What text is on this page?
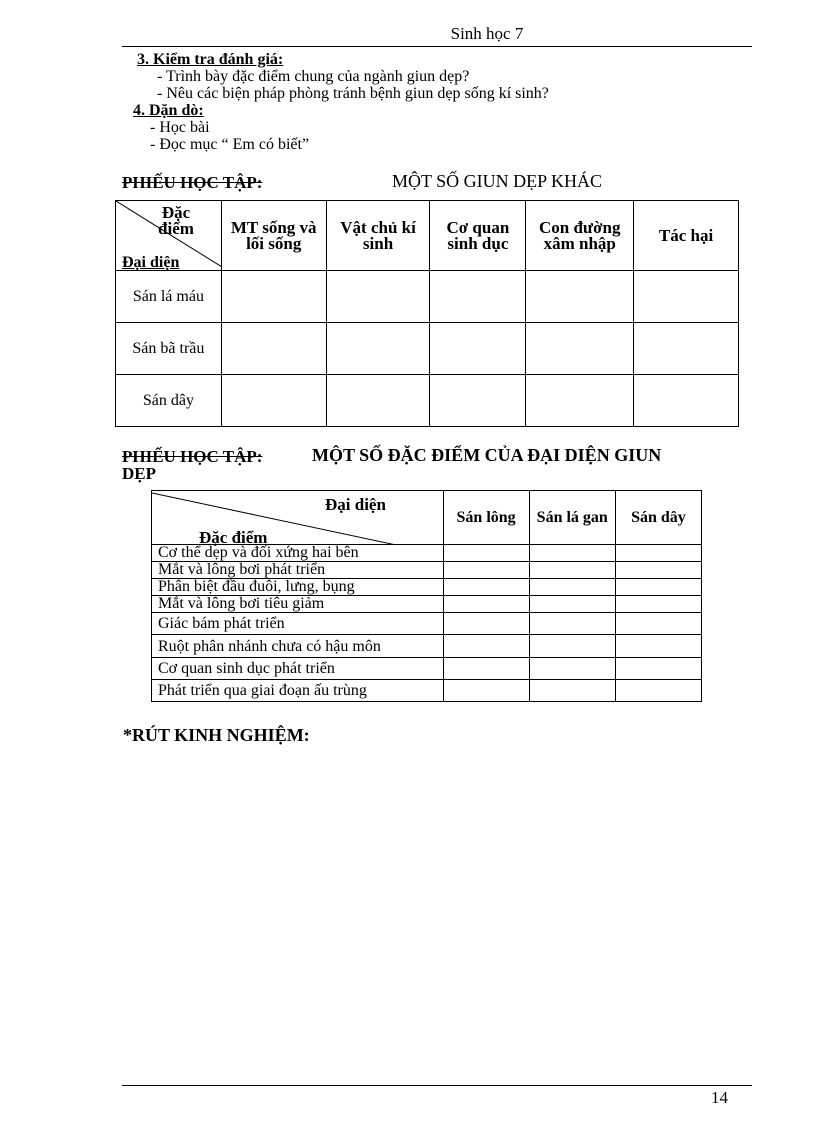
Sinh học 7
3. Kiểm tra đánh giá:
- Trình bày đặc điểm chung của ngành giun dẹp?
- Nêu các biện pháp phòng tránh bệnh giun dẹp sống kí sinh?
4. Dặn dò:
- Học bài
- Đọc mục “ Em có biết”
PHIẾU HỌC TẬP:	MỘT SỐ GIUN DẸP KHÁC
Đặc điểm
Đại diện	MT sống và lối sống	Vật chủ kí sinh	Cơ quan sinh dục	Con đường xâm nhập	Tác hại
Sán lá máu					
Sán bã trầu					
Sán dây					
PHIẾU HỌC TẬP:	MỘT SỐ ĐẶC ĐIỂM CỦA ĐẠI DIỆN GIUN
DẸP
Đại diện
Đặc điểm	Sán lông	Sán lá gan	Sán dây
Cơ thể dẹp và đối xứng hai bên			
Mắt và lông bơi phát triển			
Phân biệt đầu đuôi, lưng, bụng			
Mắt và lông bơi tiêu giảm			
Giác bám phát triển			
Ruột phân nhánh chưa có hậu môn			
Cơ quan sinh dục phát triển			
Phát triển qua giai đoạn ấu trùng			
*RÚT KINH NGHIỆM:
14
